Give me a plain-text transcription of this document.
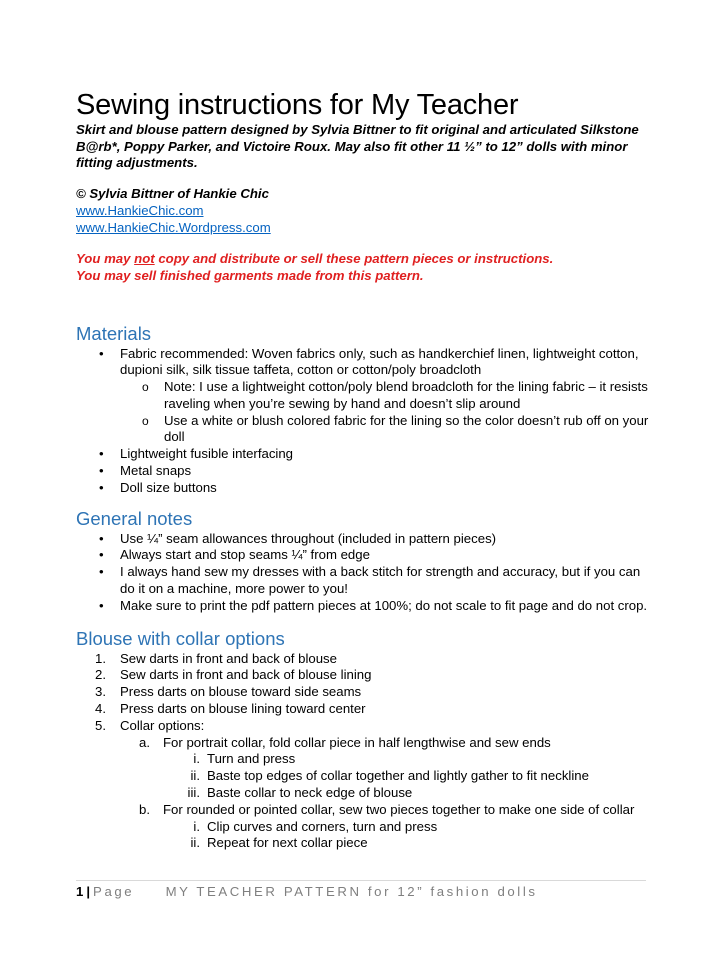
Sewing instructions for My Teacher

Skirt and blouse pattern designed by Sylvia Bittner to fit original and articulated Silkstone B@rb*, Poppy Parker, and Victoire Roux. May also fit other 11 ½” to 12” dolls with minor fitting adjustments.

© Sylvia Bittner of Hankie Chic
www.HankieChic.com
www.HankieChic.Wordpress.com
You may not copy and distribute or sell these pattern pieces or instructions.
You may sell finished garments made from this pattern.
Materials
• Fabric recommended: Woven fabrics only, such as handkerchief linen, lightweight cotton, dupioni silk, silk tissue taffeta, cotton or cotton/poly broadcloth
o Note: I use a lightweight cotton/poly blend broadcloth for the lining fabric – it resists raveling when you’re sewing by hand and doesn’t slip around
o Use a white or blush colored fabric for the lining so the color doesn’t rub off on your doll
• Lightweight fusible interfacing
• Metal snaps
• Doll size buttons
General notes
• Use ¼” seam allowances throughout (included in pattern pieces)
• Always start and stop seams ¼” from edge
• I always hand sew my dresses with a back stitch for strength and accuracy, but if you can do it on a machine, more power to you!
• Make sure to print the pdf pattern pieces at 100%; do not scale to fit page and do not crop.
Blouse with collar options
1. Sew darts in front and back of blouse
2. Sew darts in front and back of blouse lining
3. Press darts on blouse toward side seams
4. Press darts on blouse lining toward center
5. Collar options:
a. For portrait collar, fold collar piece in half lengthwise and sew ends
i. Turn and press
ii. Baste top edges of collar together and lightly gather to fit neckline
iii. Baste collar to neck edge of blouse
b. For rounded or pointed collar, sew two pieces together to make one side of collar
i. Clip curves and corners, turn and press
ii. Repeat for next collar piece
1 | Page MY TEACHER PATTERN for 12” fashion dolls
